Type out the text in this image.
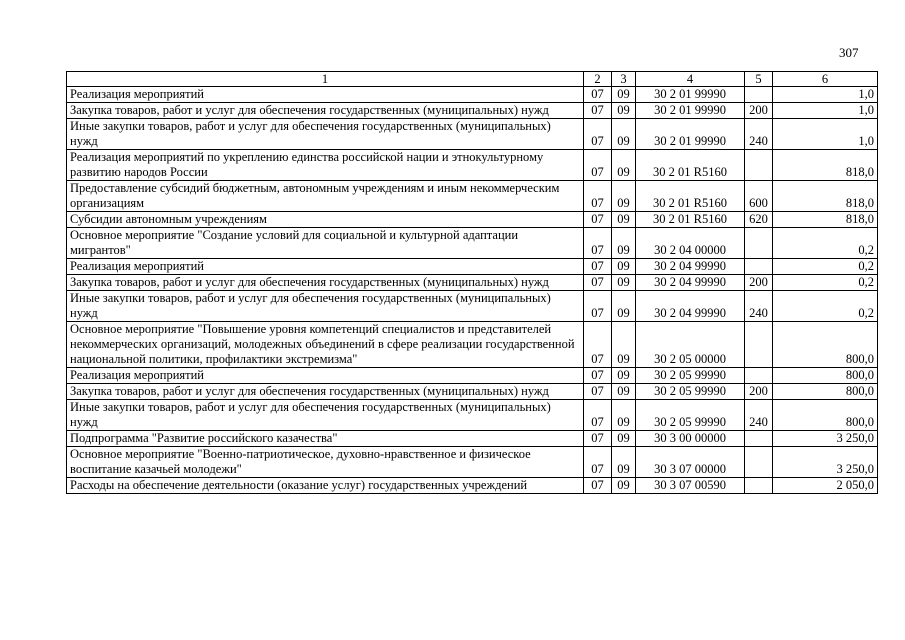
307
1	2	3	4	5	6
Реализация мероприятий	07	09	30 2 01 99990		1,0
Закупка товаров, работ и услуг для обеспечения государственных (муниципальных) нужд	07	09	30 2 01 99990	200	1,0
Иные закупки товаров, работ и услуг для обеспечения государственных (муниципальных) нужд	07	09	30 2 01 99990	240	1,0
Реализация мероприятий по укреплению единства российской нации и этнокультурному развитию народов России	07	09	30 2 01 R5160		818,0
Предоставление субсидий бюджетным, автономным учреждениям и иным некоммерческим организациям	07	09	30 2 01 R5160	600	818,0
Субсидии автономным учреждениям	07	09	30 2 01 R5160	620	818,0
Основное мероприятие "Создание условий для социальной и культурной адаптации мигрантов"	07	09	30 2 04 00000		0,2
Реализация мероприятий	07	09	30 2 04 99990		0,2
Закупка товаров, работ и услуг для обеспечения государственных (муниципальных) нужд	07	09	30 2 04 99990	200	0,2
Иные закупки товаров, работ и услуг для обеспечения государственных (муниципальных) нужд	07	09	30 2 04 99990	240	0,2
Основное мероприятие "Повышение уровня компетенций специалистов и представителей некоммерческих организаций, молодежных объединений в сфере реализации государственной национальной политики, профилактики экстремизма"	07	09	30 2 05 00000		800,0
Реализация мероприятий	07	09	30 2 05 99990		800,0
Закупка товаров, работ и услуг для обеспечения государственных (муниципальных) нужд	07	09	30 2 05 99990	200	800,0
Иные закупки товаров, работ и услуг для обеспечения государственных (муниципальных) нужд	07	09	30 2 05 99990	240	800,0
Подпрограмма "Развитие российского казачества"	07	09	30 3 00 00000		3 250,0
Основное мероприятие "Военно-патриотическое, духовно-нравственное и физическое воспитание казачьей молодежи"	07	09	30 3 07 00000		3 250,0
Расходы на обеспечение деятельности (оказание услуг) государственных учреждений	07	09	30 3 07 00590		2 050,0
